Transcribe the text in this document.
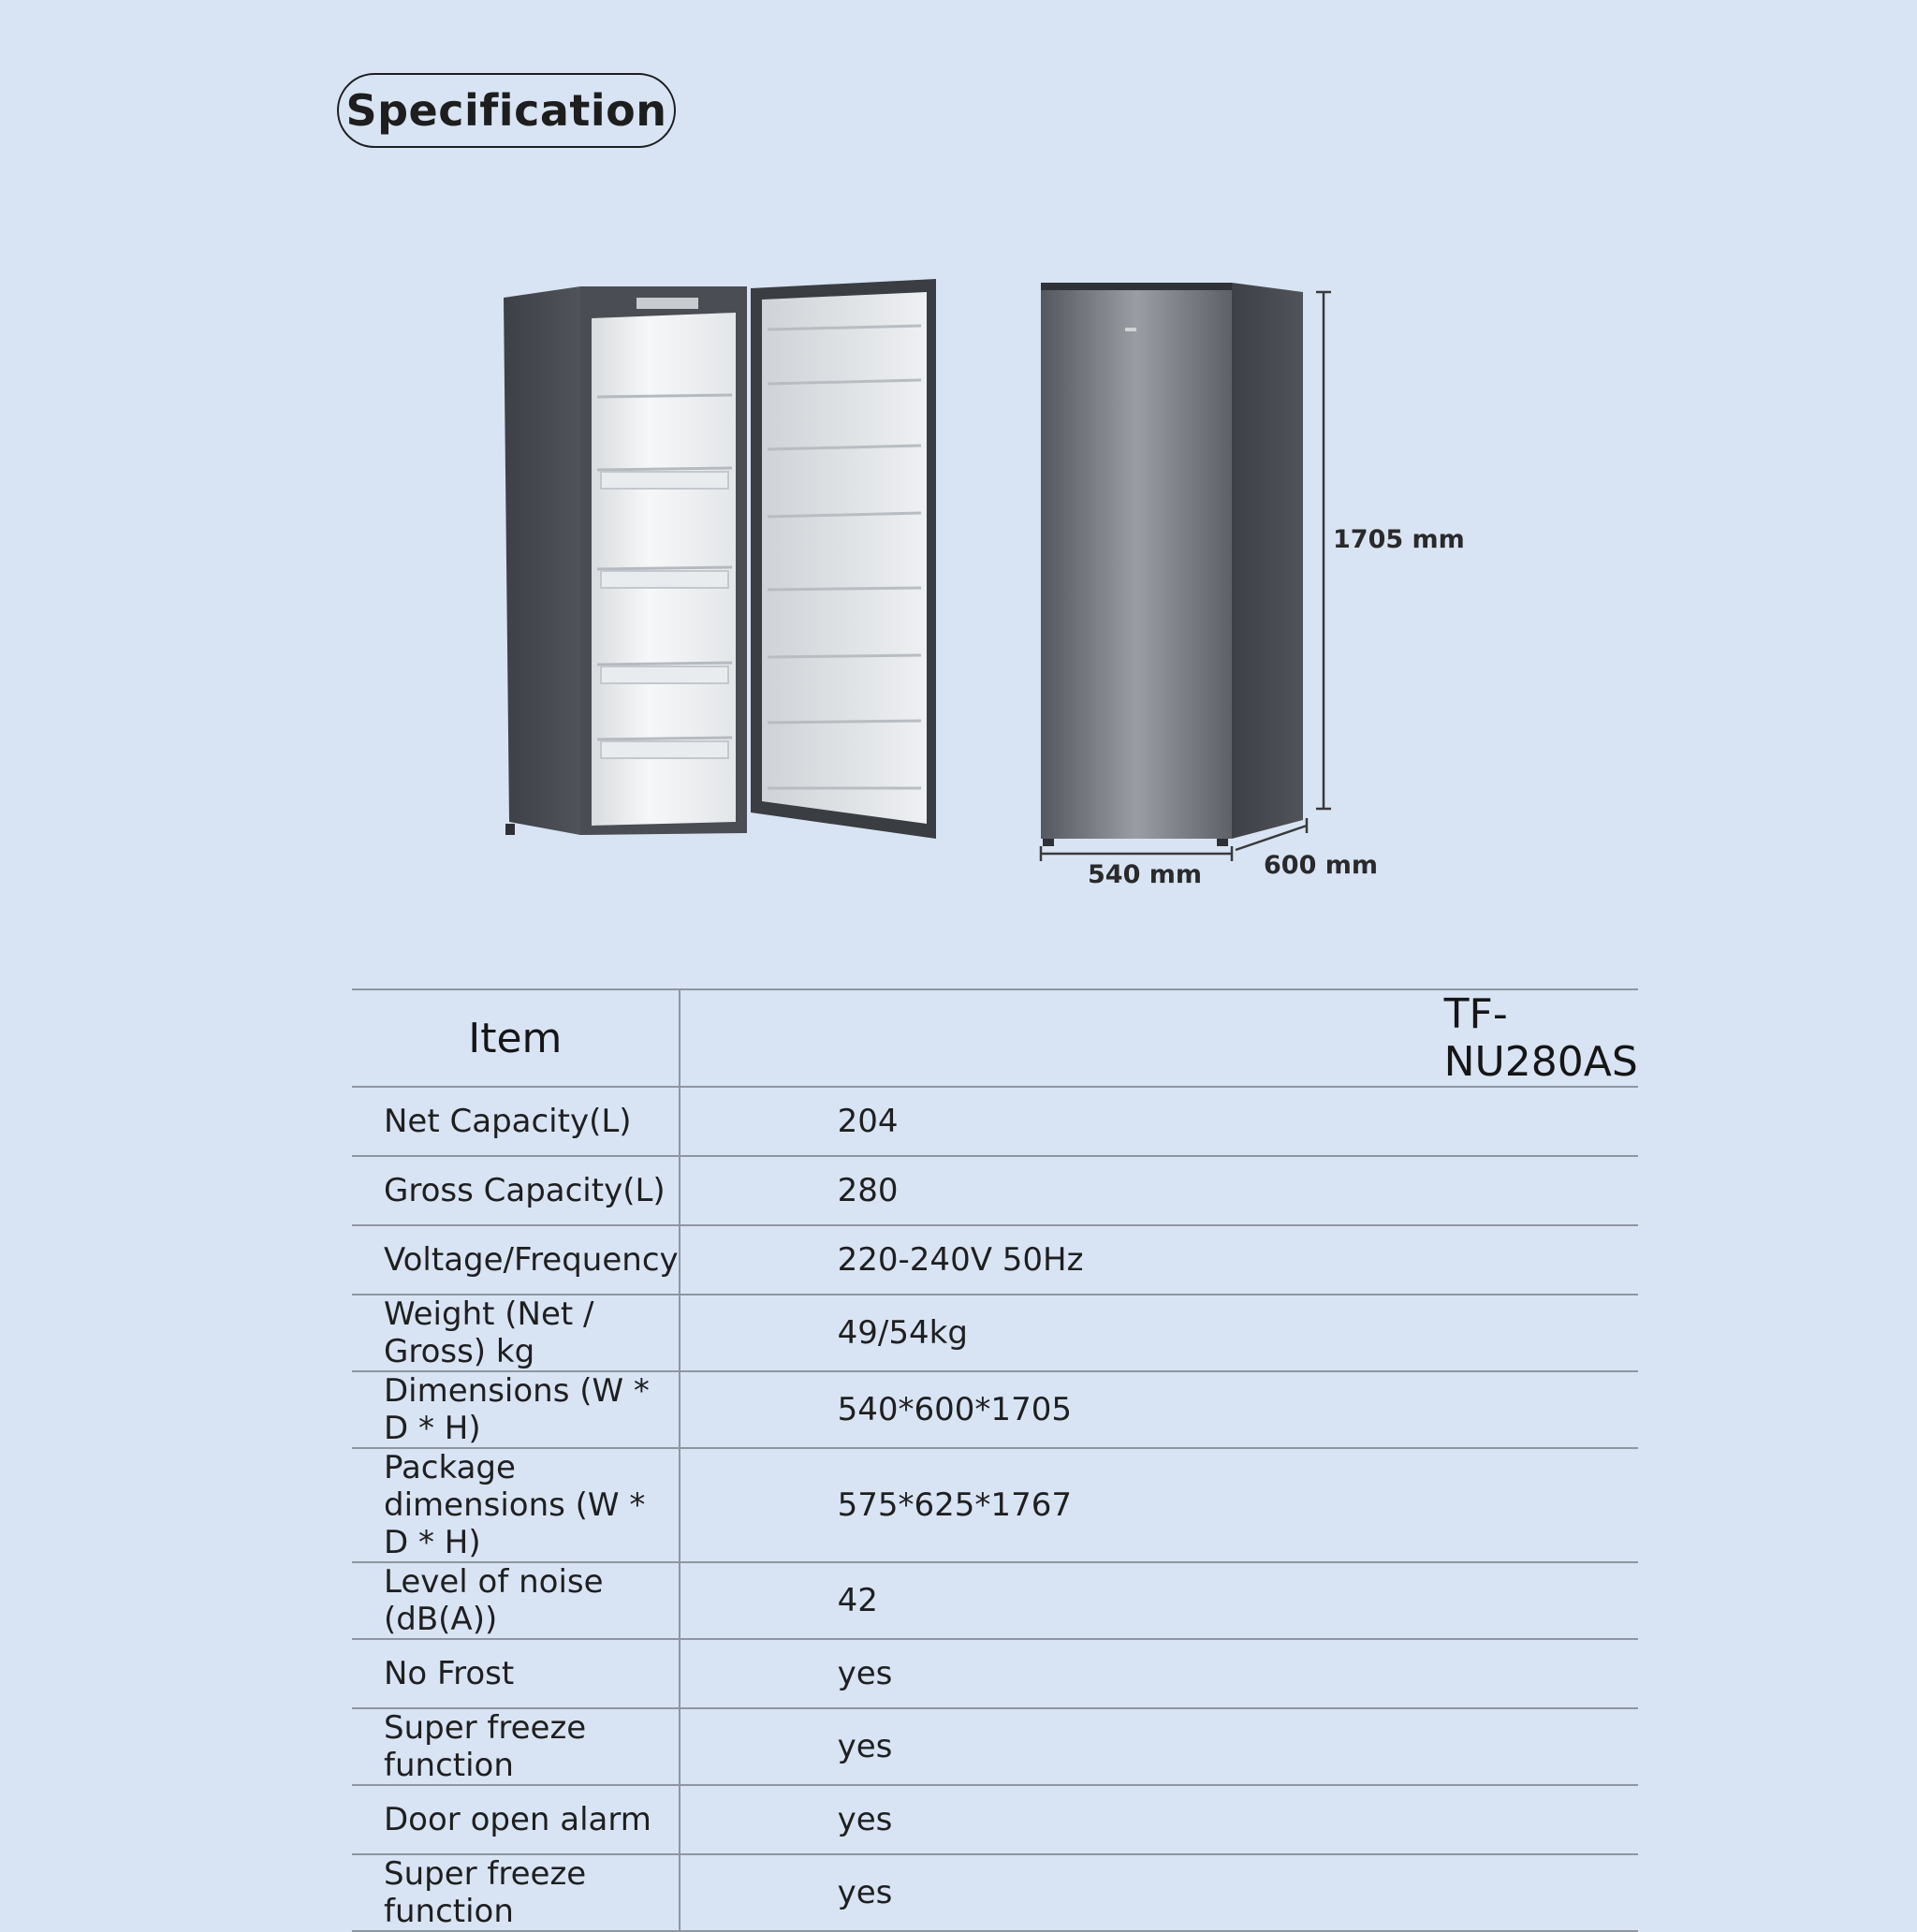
Specification
1705 mm
540 mm 600 mm
Item	TF-NU280AS
Net Capacity(L)	204
Gross Capacity(L)	280
Voltage/Frequency	220-240V 50Hz
Weight (Net / Gross) kg	49/54kg
Dimensions (W * D * H)	540*600*1705
Package dimensions (W * D * H)	575*625*1767
Level of noise (dB(A))	42
No Frost	yes
Super freeze function	yes
Door open alarm	yes
Super freeze function	yes
